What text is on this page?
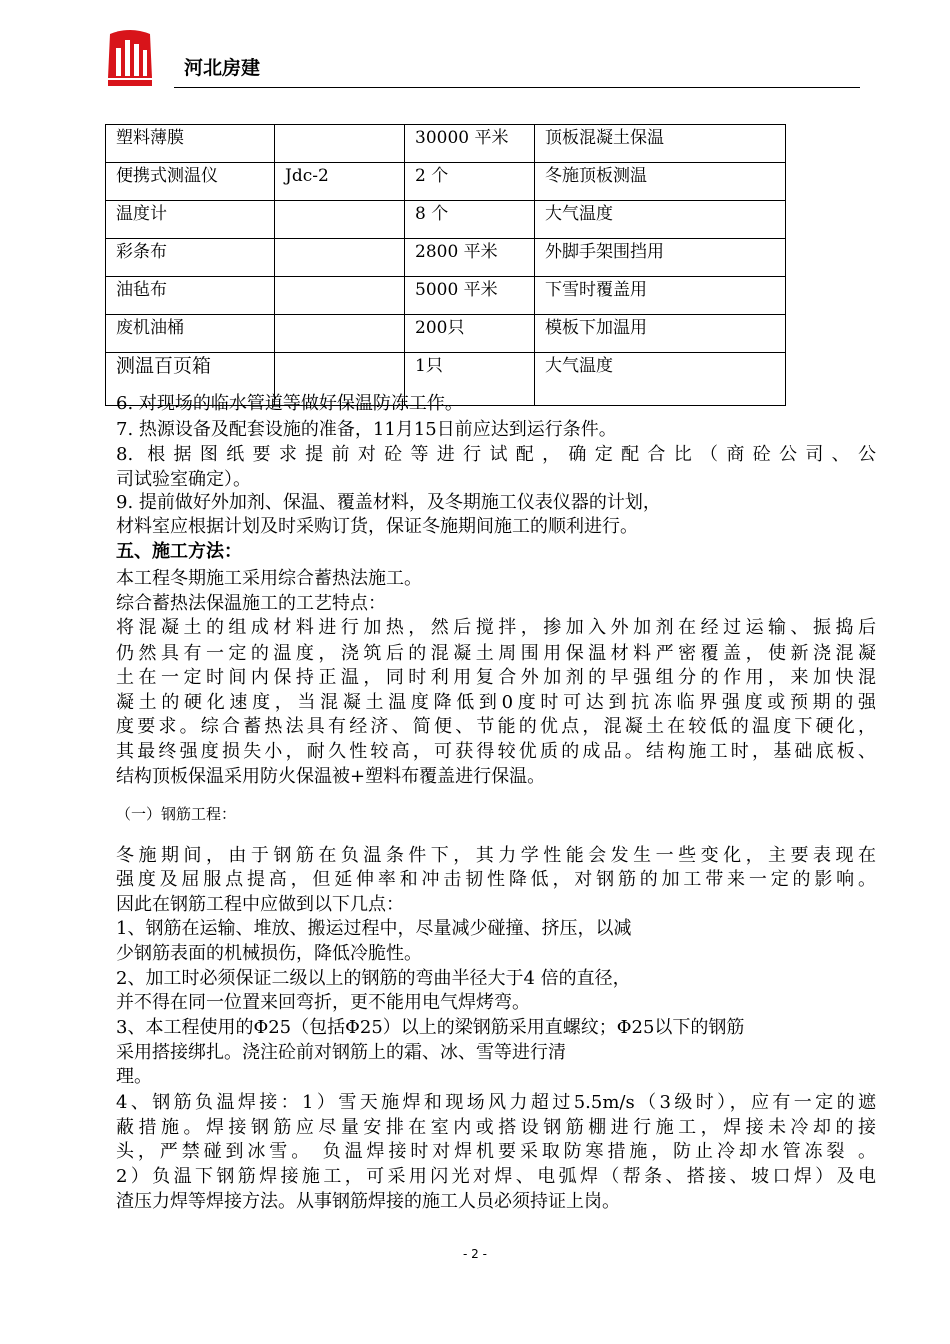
河北房建
塑料薄膜		30000 平米	顶板混凝土保温
便携式测温仪	Jdc-2	2 个	冬施顶板测温
温度计		8 个	大气温度
彩条布		2800 平米	外脚手架围挡用
油毡布		5000 平米	下雪时覆盖用
废机油桶		200只	模板下加温用
测温百页箱		1只	大气温度

6. 对现场的临水管道等做好保温防冻工作。

7. 热源设备及配套设施的准备，11月15日前应达到运行条件。

8. 根据图纸要求提前对砼等进行试配，确定配合比（商砼公司、公

司试验室确定）。

9. 提前做好外加剂、保温、覆盖材料，及冬期施工仪表仪器的计划，

材料室应根据计划及时采购订货，保证冬施期间施工的顺利进行。

五、施工方法：

本工程冬期施工采用综合蓄热法施工。

综合蓄热法保温施工的工艺特点：

将混凝土的组成材料进行加热，然后搅拌，掺加入外加剂在经过运输、振捣后

仍然具有一定的温度，浇筑后的混凝土周围用保温材料严密覆盖，使新浇混凝

土在一定时间内保持正温，同时利用复合外加剂的早强组分的作用，来加快混

凝土的硬化速度，当混凝土温度降低到0度时可达到抗冻临界强度或预期的强

度要求。综合蓄热法具有经济、简便、节能的优点，混凝土在较低的温度下硬化，

其最终强度损失小，耐久性较高，可获得较优质的成品。结构施工时，基础底板、

结构顶板保温采用防火保温被+塑料布覆盖进行保温。

（一）钢筋工程：

冬施期间，由于钢筋在负温条件下，其力学性能会发生一些变化，主要表现在

强度及屈服点提高，但延伸率和冲击韧性降低，对钢筋的加工带来一定的影响。

因此在钢筋工程中应做到以下几点：

1、钢筋在运输、堆放、搬运过程中，尽量减少碰撞、挤压，以减

少钢筋表面的机械损伤，降低冷脆性。

2、加工时必须保证二级以上的钢筋的弯曲半径大于4 倍的直径，

并不得在同一位置来回弯折，更不能用电气焊烤弯。

3、本工程使用的Φ25（包括Φ25）以上的梁钢筋采用直螺纹；Φ25以下的钢筋

采用搭接绑扎。浇注砼前对钢筋上的霜、冰、雪等进行清

理。

4、钢筋负温焊接：1）雪天施焊和现场风力超过5.5m/s（3级时），应有一定的遮

蔽措施。焊接钢筋应尽量安排在室内或搭设钢筋棚进行施工，焊接未冷却的接

头，严禁碰到冰雪。 负温焊接时对焊机要采取防寒措施，防止冷却水管冻裂 。

2）负温下钢筋焊接施工，可采用闪光对焊、电弧焊（帮条、搭接、坡口焊）及电

渣压力焊等焊接方法。从事钢筋焊接的施工人员必须持证上岗。

- 2 -
